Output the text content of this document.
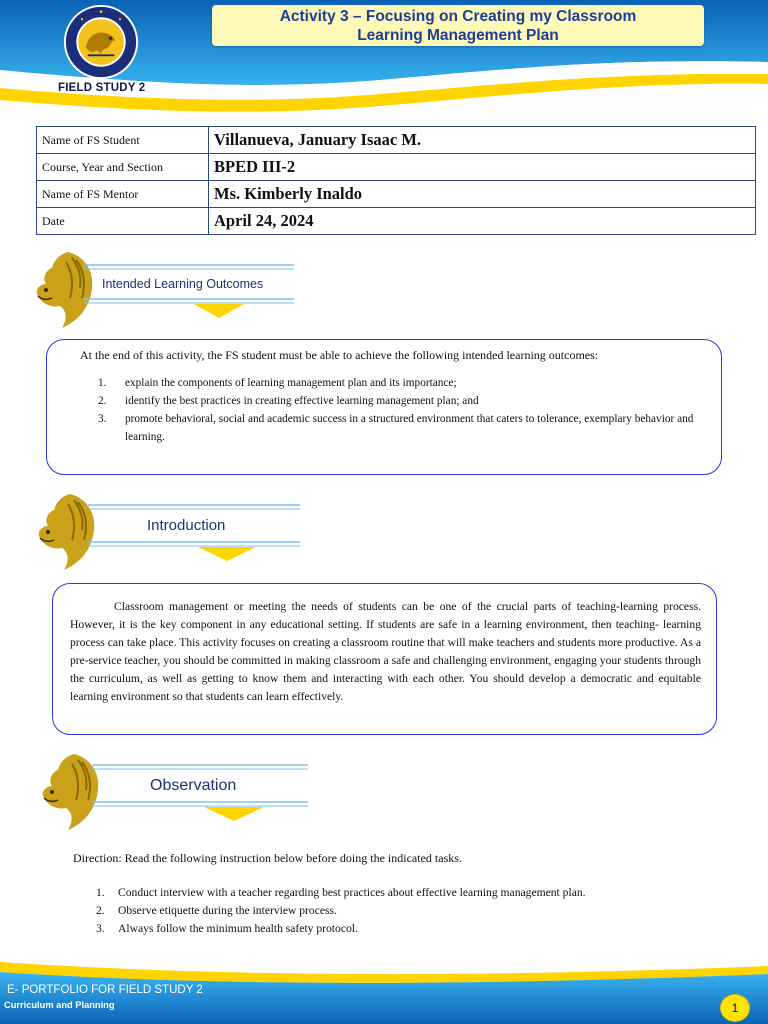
FIELD STUDY 2
Activity 3 – Focusing on Creating my Classroom
Learning Management Plan
Name of FS Student	Villanueva, January Isaac M.
Course, Year and Section	BPED III-2
Name of FS Mentor	Ms. Kimberly Inaldo
Date	April 24, 2024
Intended Learning Outcomes
At the end of this activity, the FS student must be able to achieve the following intended learning outcomes:
1.	explain the components of learning management plan and its importance;
2.	identify the best practices in creating effective learning management plan; and
3.	promote behavioral, social and academic success in a structured environment that caters to tolerance, exemplary behavior and learning.
Introduction

Classroom management or meeting the needs of students can be one of the crucial parts of teaching-learning process. However, it is the key component in any educational setting. If students are safe in a learning environment, then teaching- learning process can take place. This activity focuses on creating a classroom routine that will make teachers and students more productive. As a pre-service teacher, you should be committed in making classroom a safe and challenging environment, engaging your students through the curriculum, as well as getting to know them and interacting with each other. You should develop a democratic and equitable learning environment so that students can learn effectively.

Observation

Direction: Read the following instruction below before doing the indicated tasks.

1.	Conduct interview with a teacher regarding best practices about effective learning management plan.
2.	Observe etiquette during the interview process.
3.	Always follow the minimum health safety protocol.
E- PORTFOLIO FOR FIELD STUDY 2
Curriculum and Planning	1
